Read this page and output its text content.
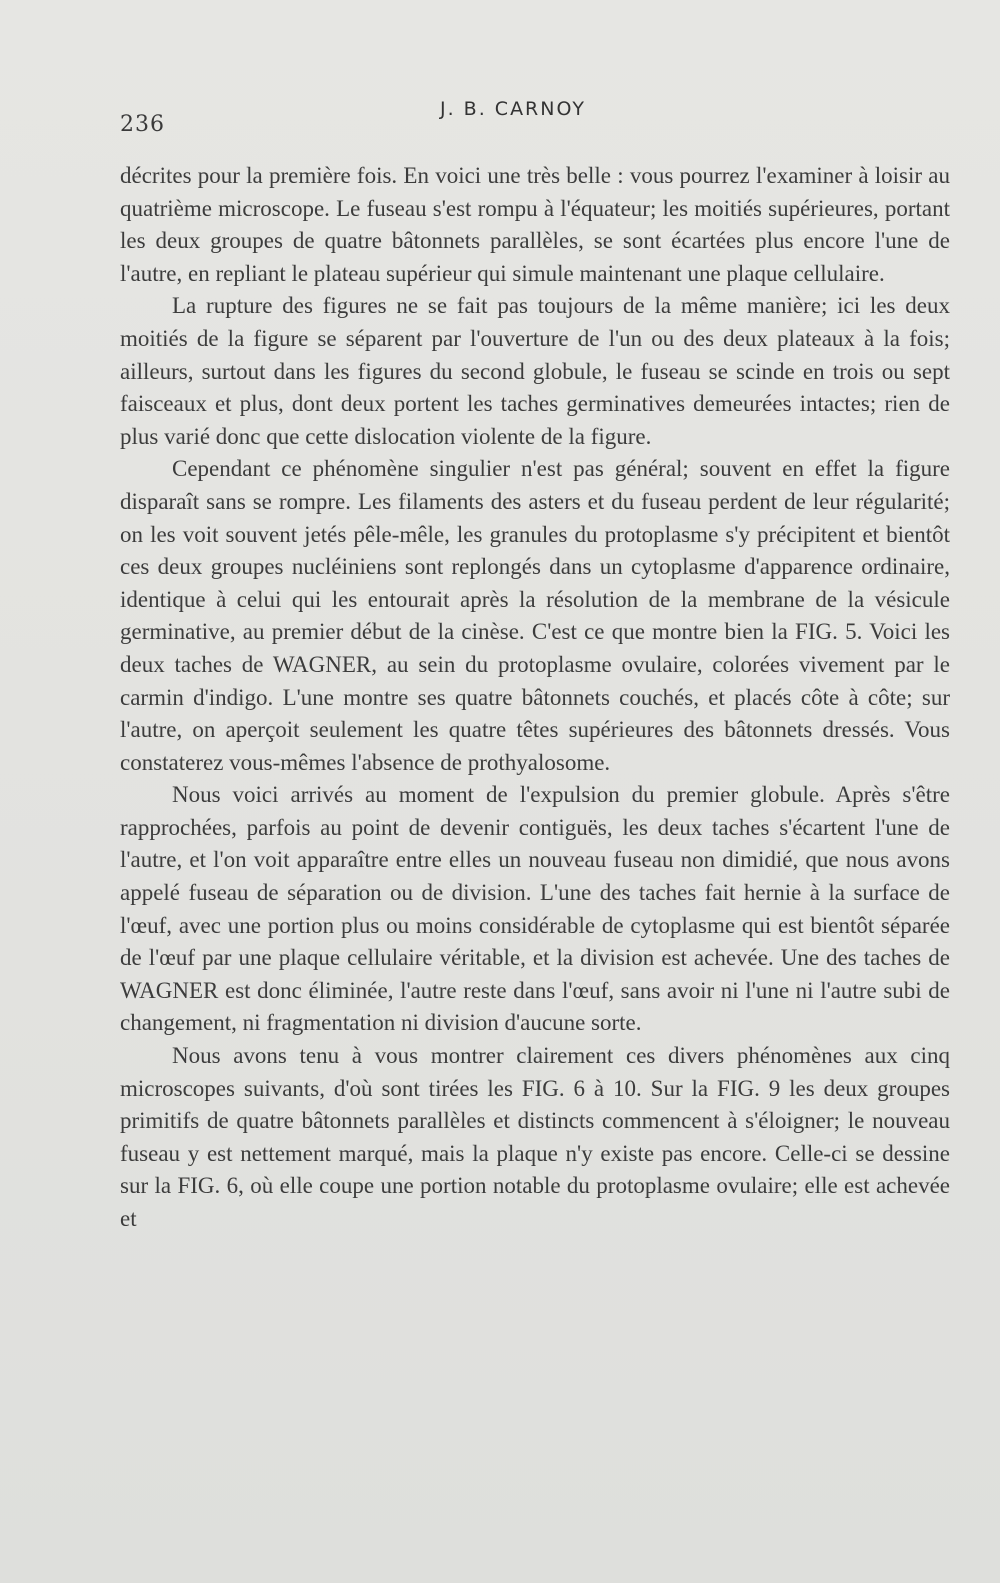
236
J. B. CARNOY

décrites pour la première fois. En voici une très belle : vous pourrez l'examiner à loisir au quatrième microscope. Le fuseau s'est rompu à l'équateur; les moitiés supérieures, portant les deux groupes de quatre bâtonnets parallèles, se sont écartées plus encore l'une de l'autre, en repliant le plateau supérieur qui simule maintenant une plaque cellulaire.

La rupture des figures ne se fait pas toujours de la même manière; ici les deux moitiés de la figure se séparent par l'ouverture de l'un ou des deux plateaux à la fois; ailleurs, surtout dans les figures du second globule, le fuseau se scinde en trois ou sept faisceaux et plus, dont deux portent les taches germinatives demeurées intactes; rien de plus varié donc que cette dislocation violente de la figure.

Cependant ce phénomène singulier n'est pas général; souvent en effet la figure disparaît sans se rompre. Les filaments des asters et du fuseau perdent de leur régularité; on les voit souvent jetés pêle-mêle, les granules du protoplasme s'y précipitent et bientôt ces deux groupes nucléiniens sont replongés dans un cytoplasme d'apparence ordinaire, identique à celui qui les entourait après la résolution de la membrane de la vésicule germinative, au premier début de la cinèse. C'est ce que montre bien la FIG. 5. Voici les deux taches de WAGNER, au sein du protoplasme ovulaire, colorées vivement par le carmin d'indigo. L'une montre ses quatre bâtonnets couchés, et placés côte à côte; sur l'autre, on aperçoit seulement les quatre têtes supérieures des bâtonnets dressés. Vous constaterez vous-mêmes l'absence de prothyalosome.

Nous voici arrivés au moment de l'expulsion du premier globule. Après s'être rapprochées, parfois au point de devenir contiguës, les deux taches s'écartent l'une de l'autre, et l'on voit apparaître entre elles un nouveau fuseau non dimidié, que nous avons appelé fuseau de séparation ou de division. L'une des taches fait hernie à la surface de l'œuf, avec une portion plus ou moins considérable de cytoplasme qui est bientôt séparée de l'œuf par une plaque cellulaire véritable, et la division est achevée. Une des taches de WAGNER est donc éliminée, l'autre reste dans l'œuf, sans avoir ni l'une ni l'autre subi de changement, ni fragmentation ni division d'aucune sorte.

Nous avons tenu à vous montrer clairement ces divers phénomènes aux cinq microscopes suivants, d'où sont tirées les FIG. 6 à 10. Sur la FIG. 9 les deux groupes primitifs de quatre bâtonnets parallèles et distincts commencent à s'éloigner; le nouveau fuseau y est nettement marqué, mais la plaque n'y existe pas encore. Celle-ci se dessine sur la FIG. 6, où elle coupe une portion notable du protoplasme ovulaire; elle est achevée et
